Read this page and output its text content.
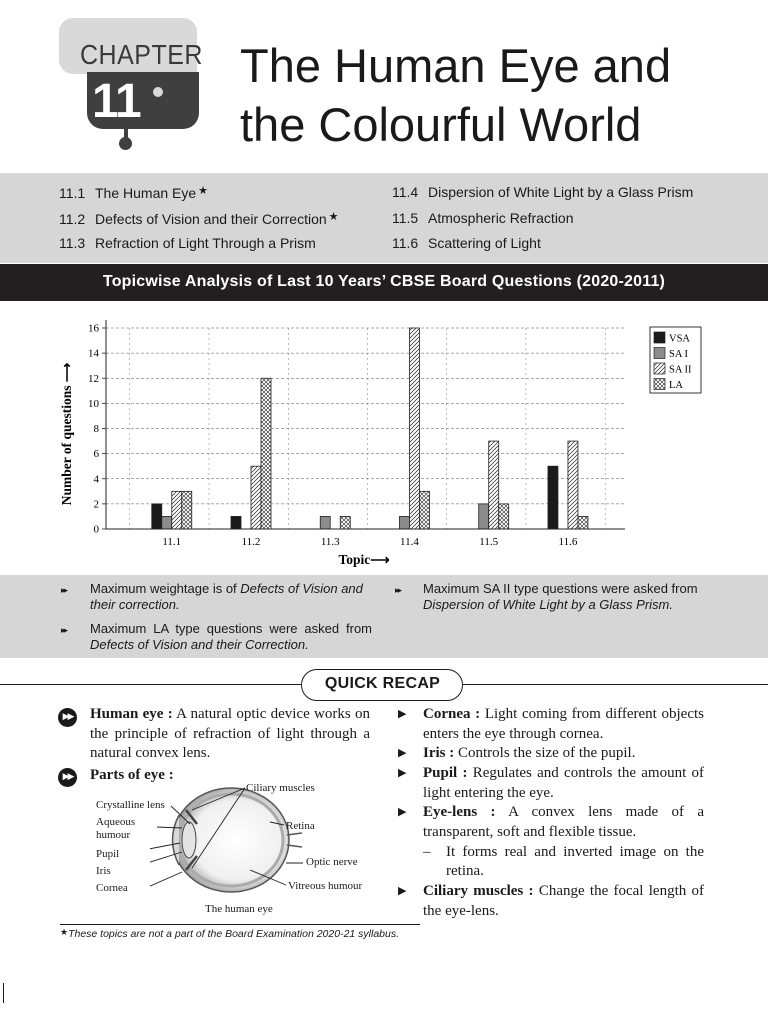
CHAPTER
11
The Human Eye and
the Colourful World
11.1 The Human Eye ★
11.2 Defects of Vision and their Correction ★
11.3 Refraction of Light Through a Prism
11.4 Dispersion of White Light by a Glass Prism
11.5 Atmospheric Refraction
11.6 Scattering of Light
Topicwise Analysis of Last 10 Years’ CBSE Board Questions (2020-2011)
0
2
4
6
8
10
12
14
16
11.1	11.2	11.3	11.4	11.5	11.6
Topic⟶
Number of questions ⟶
VSA
SA I
SA II
LA
▸▸ Maximum weightage is of Defects of Vision and
their correction.
▸▸ Maximum LA type questions were asked from
Defects of Vision and their Correction.
▸▸ Maximum SA II type questions were asked from
Dispersion of White Light by a Glass Prism.
QUICK RECAP
▶▶	Human eye : A natural optic device works on
the principle of refraction of light through a
natural convex lens.
▶▶	Parts of eye :
Crystalline lens
Aqueous
humour
Pupil
Iris
Cornea
Ciliary muscles
Retina
Optic nerve
Vitreous humour
The human eye
▶ Cornea : Light coming from different objects
enters the eye through cornea.
▶ Iris : Controls the size of the pupil.
▶ Pupil : Regulates and controls the amount of
light entering the eye.
▶ Eye-lens : A convex lens made of a
transparent, soft and flexible tissue.
– It forms real and inverted image on the
retina.
▶ Ciliary muscles : Change the focal length of
the eye-lens.
★These topics are not a part of the Board Examination 2020-21 syllabus.
